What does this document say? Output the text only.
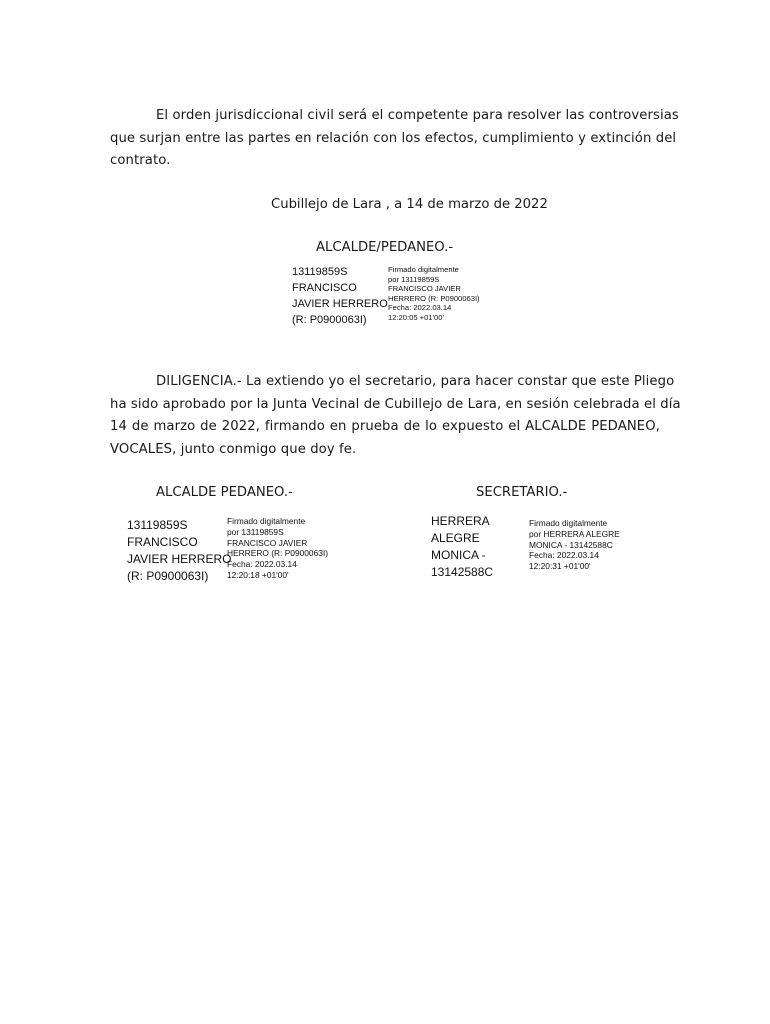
El orden jurisdiccional civil será el competente para resolver las controversias
que surjan entre las partes en relación con los efectos, cumplimiento y extinción del
contrato.
Cubillejo de Lara , a 14 de marzo de 2022
ALCALDE/PEDANEO.-
13119859S
FRANCISCO
JAVIER HERRERO
(R: P0900063I)
Firmado digitalmente
por 13119859S
FRANCISCO JAVIER
HERRERO (R: P0900063I)
Fecha: 2022.03.14
12:20:05 +01'00'
DILIGENCIA.- La extiendo yo el secretario, para hacer constar que este Pliego
ha sido aprobado por la Junta Vecinal de Cubillejo de Lara, en sesión celebrada el día
14 de marzo de 2022, firmando en prueba de lo expuesto el ALCALDE PEDANEO,
VOCALES, junto conmigo que doy fe.
ALCALDE PEDANEO.-
13119859S
FRANCISCO
JAVIER HERRERO
(R: P0900063I)
Firmado digitalmente
por 13119859S
FRANCISCO JAVIER
HERRERO (R: P0900063I)
Fecha: 2022.03.14
12:20:18 +01'00'
SECRETARIO.-
HERRERA
ALEGRE
MONICA -
13142588C
Firmado digitalmente
por HERRERA ALEGRE
MONICA - 13142588C
Fecha: 2022.03.14
12:20:31 +01'00'
